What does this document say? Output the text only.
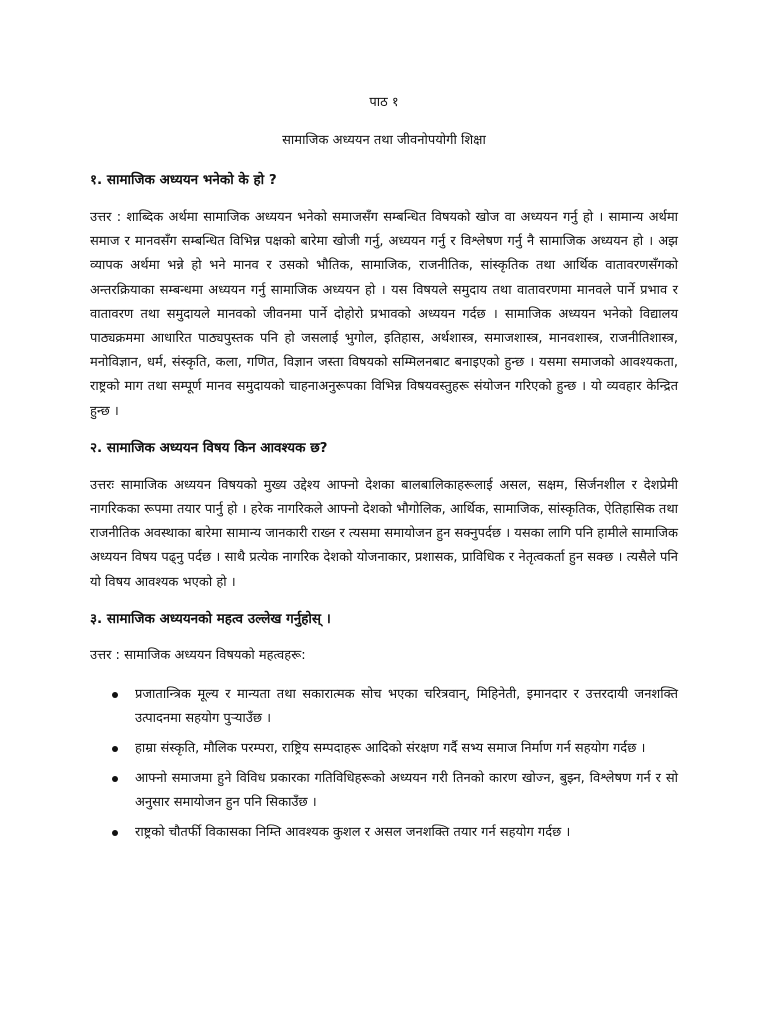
पाठ १
सामाजिक अध्ययन तथा जीवनोपयोगी शिक्षा
१. सामाजिक अध्ययन भनेको के हो ?

उत्तर : शाब्दिक अर्थमा सामाजिक अध्ययन भनेको समाजसँग सम्बन्धित विषयको खोज वा अध्ययन गर्नु हो । सामान्य अर्थमा समाज र मानवसँग सम्बन्धित विभिन्न पक्षको बारेमा खोजी गर्नु, अध्ययन गर्नु र विश्लेषण गर्नु नै सामाजिक अध्ययन हो । अझ व्यापक अर्थमा भन्ने हो भने मानव र उसको भौतिक, सामाजिक, राजनीतिक, सांस्कृतिक तथा आर्थिक वातावरणसँगको अन्तरक्रियाका सम्बन्धमा अध्ययन गर्नु सामाजिक अध्ययन हो । यस विषयले समुदाय तथा वातावरणमा मानवले पार्ने प्रभाव र वातावरण तथा समुदायले मानवको जीवनमा पार्ने दोहोरो प्रभावको अध्ययन गर्दछ । सामाजिक अध्ययन भनेको विद्यालय पाठ्यक्रममा आधारित पाठ्यपुस्तक पनि हो जसलाई भुगोल, इतिहास, अर्थशास्त्र, समाजशास्त्र, मानवशास्त्र, राजनीतिशास्त्र, मनोविज्ञान, धर्म, संस्कृति, कला, गणित, विज्ञान जस्ता विषयको सम्मिलनबाट बनाइएको हुन्छ । यसमा समाजको आवश्यकता, राष्ट्रको माग तथा सम्पूर्ण मानव समुदायको चाहनाअनुरूपका विभिन्न विषयवस्तुहरू संयोजन गरिएको हुन्छ । यो व्यवहार केन्द्रित हुन्छ ।

२. सामाजिक अध्ययन विषय किन आवश्यक छ?

उत्तरः सामाजिक अध्ययन विषयको मुख्य उद्देश्य आफ्नो देशका बालबालिकाहरूलाई असल, सक्षम, सिर्जनशील र देशप्रेमी नागरिकका रूपमा तयार पार्नु हो । हरेक नागरिकले आफ्नो देशको भौगोलिक, आर्थिक, सामाजिक, सांस्कृतिक, ऐतिहासिक तथा राजनीतिक अवस्थाका बारेमा सामान्य जानकारी राख्न र त्यसमा समायोजन हुन सक्नुपर्दछ । यसका लागि पनि हामीले सामाजिक अध्ययन विषय पढ्नु पर्दछ । साथै प्रत्येक नागरिक देशको योजनाकार, प्रशासक, प्राविधिक र नेतृत्वकर्ता हुन सक्छ । त्यसैले पनि यो विषय आवश्यक भएको हो ।

३. सामाजिक अध्ययनको महत्व उल्लेख गर्नुहोस् ।

उत्तर : सामाजिक अध्ययन विषयको महत्वहरू:

प्रजातान्त्रिक मूल्य र मान्यता तथा सकारात्मक सोच भएका चरित्रवान्, मिहिनेती, इमानदार र उत्तरदायी जनशक्ति उत्पादनमा सहयोग पुऱ्याउँछ ।
हाम्रा संस्कृति, मौलिक परम्परा, राष्ट्रिय सम्पदाहरू आदिको संरक्षण गर्दै सभ्य समाज निर्माण गर्न सहयोग गर्दछ ।
आफ्नो समाजमा हुने विविध प्रकारका गतिविधिहरूको अध्ययन गरी तिनको कारण खोज्न, बुझ्न, विश्लेषण गर्न र सो अनुसार समायोजन हुन पनि सिकाउँछ ।
राष्ट्रको चौतर्फी विकासका निम्ति आवश्यक कुशल र असल जनशक्ति तयार गर्न सहयोग गर्दछ ।
